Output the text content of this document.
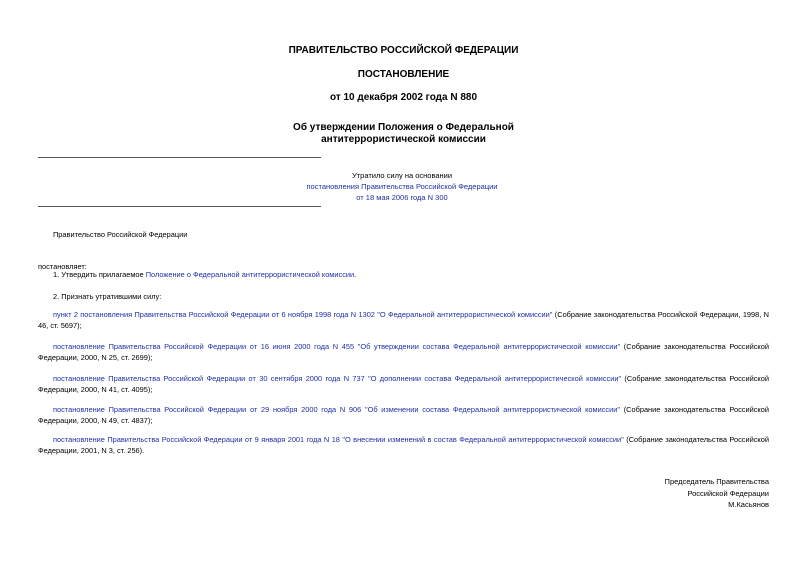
ПРАВИТЕЛЬСТВО РОССИЙСКОЙ ФЕДЕРАЦИИ
ПОСТАНОВЛЕНИЕ
от 10 декабря 2002 года N 880
Об утверждении Положения о Федеральной
антитеррористической комиссии
Утратило силу на основании
постановления Правительства Российской Федерации
от 18 мая 2006 года N 300
Правительство Российской Федерации
постановляет:
1. Утвердить прилагаемое Положение о Федеральной антитеррористической комиссии.
2. Признать утратившими силу:
пункт 2 постановления Правительства Российской Федерации от 6 ноября 1998 года N 1302 "О Федеральной антитеррористической комиссии" (Собрание законодательства Российской Федерации, 1998, N 46, ст. 5697);
постановление Правительства Российской Федерации от 16 июня 2000 года N 455 "Об утверждении состава Федеральной антитеррористической комиссии" (Собрание законодательства Российской Федерации, 2000, N 25, ст. 2699);
постановление Правительства Российской Федерации от 30 сентября 2000 года N 737 "О дополнении состава Федеральной антитеррористической комиссии" (Собрание законодательства Российской Федерации, 2000, N 41, ст. 4095);
постановление Правительства Российской Федерации от 29 ноября 2000 года N 906 "Об изменении состава Федеральной антитеррористической комиссии" (Собрание законодательства Российской Федерации, 2000, N 49, ст. 4837);
постановление Правительства Российской Федерации от 9 января 2001 года N 18 "О внесении изменений в состав Федеральной антитеррористической комиссии" (Собрание законодательства Российской Федерации, 2001, N 3, ст. 256).
Председатель Правительства
Российской Федерации
М.Касьянов
